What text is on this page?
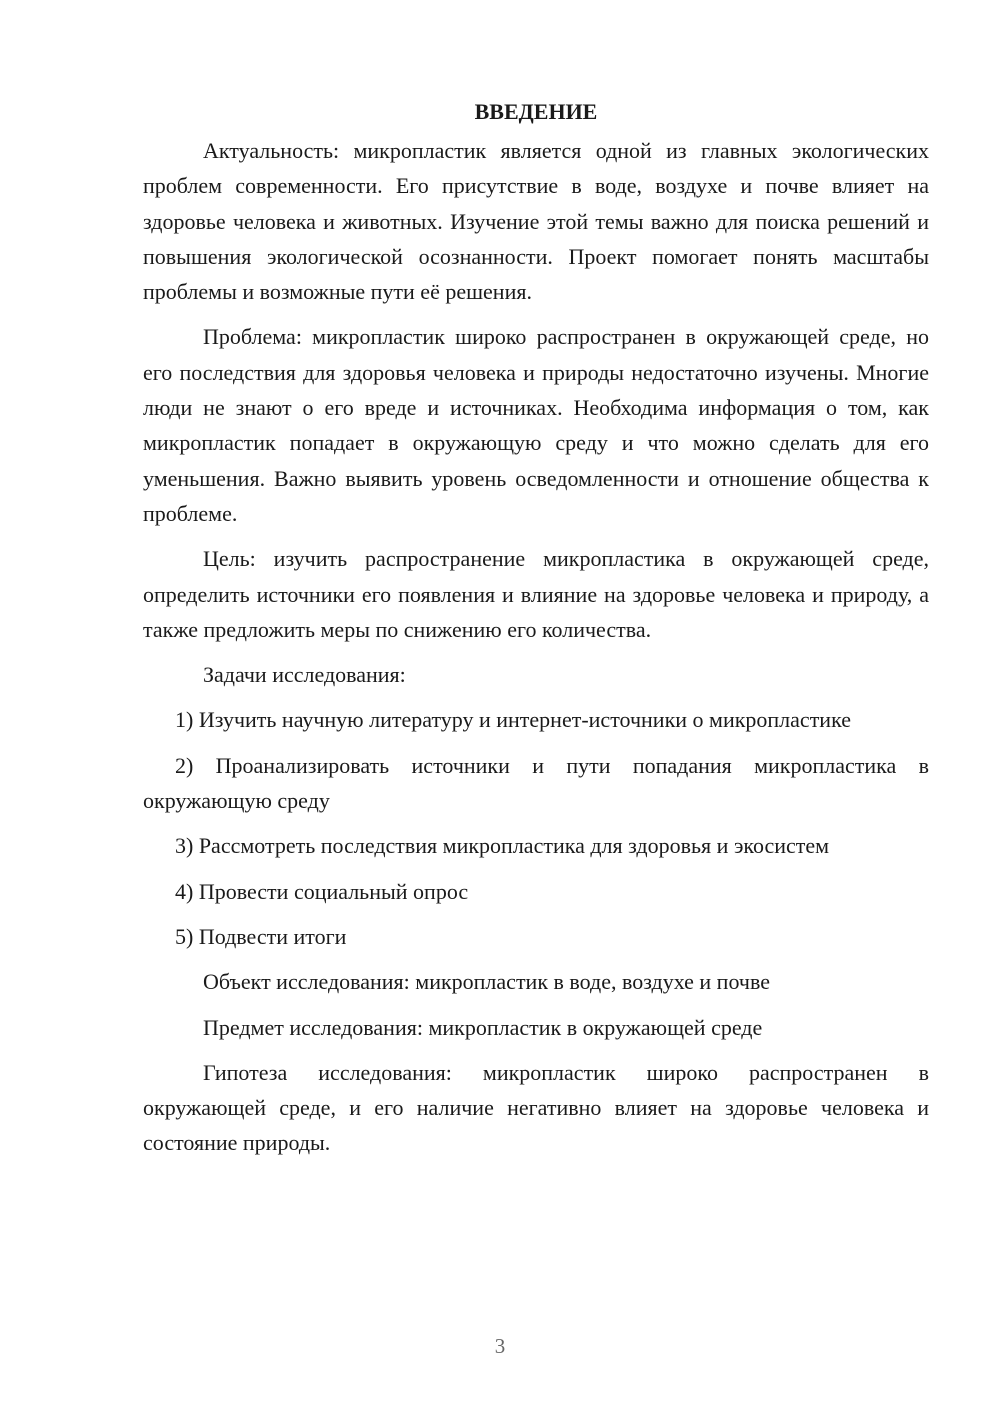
ВВЕДЕНИЕ

Актуальность: микропластик является одной из главных экологических проблем современности. Его присутствие в воде, воздухе и почве влияет на здоровье человека и животных. Изучение этой темы важно для поиска решений и повышения экологической осознанности. Проект помогает понять масштабы проблемы и возможные пути её решения.

Проблема: микропластик широко распространен в окружающей среде, но его последствия для здоровья человека и природы недостаточно изучены. Многие люди не знают о его вреде и источниках. Необходима информация о том, как микропластик попадает в окружающую среду и что можно сделать для его уменьшения. Важно выявить уровень осведомленности и отношение общества к проблеме.

Цель: изучить распространение микропластика в окружающей среде, определить источники его появления и влияние на здоровье человека и природу, а также предложить меры по снижению его количества.

Задачи исследования:

1) Изучить научную литературу и интернет-источники о микропластике

2) Проанализировать источники и пути попадания микропластика в окружающую среду

3) Рассмотреть последствия микропластика для здоровья и экосистем

4) Провести социальный опрос

5) Подвести итоги

Объект исследования: микропластик в воде, воздухе и почве

Предмет исследования: микропластик в окружающей среде

Гипотеза исследования: микропластик широко распространен в окружающей среде, и его наличие негативно влияет на здоровье человека и состояние природы.

3
